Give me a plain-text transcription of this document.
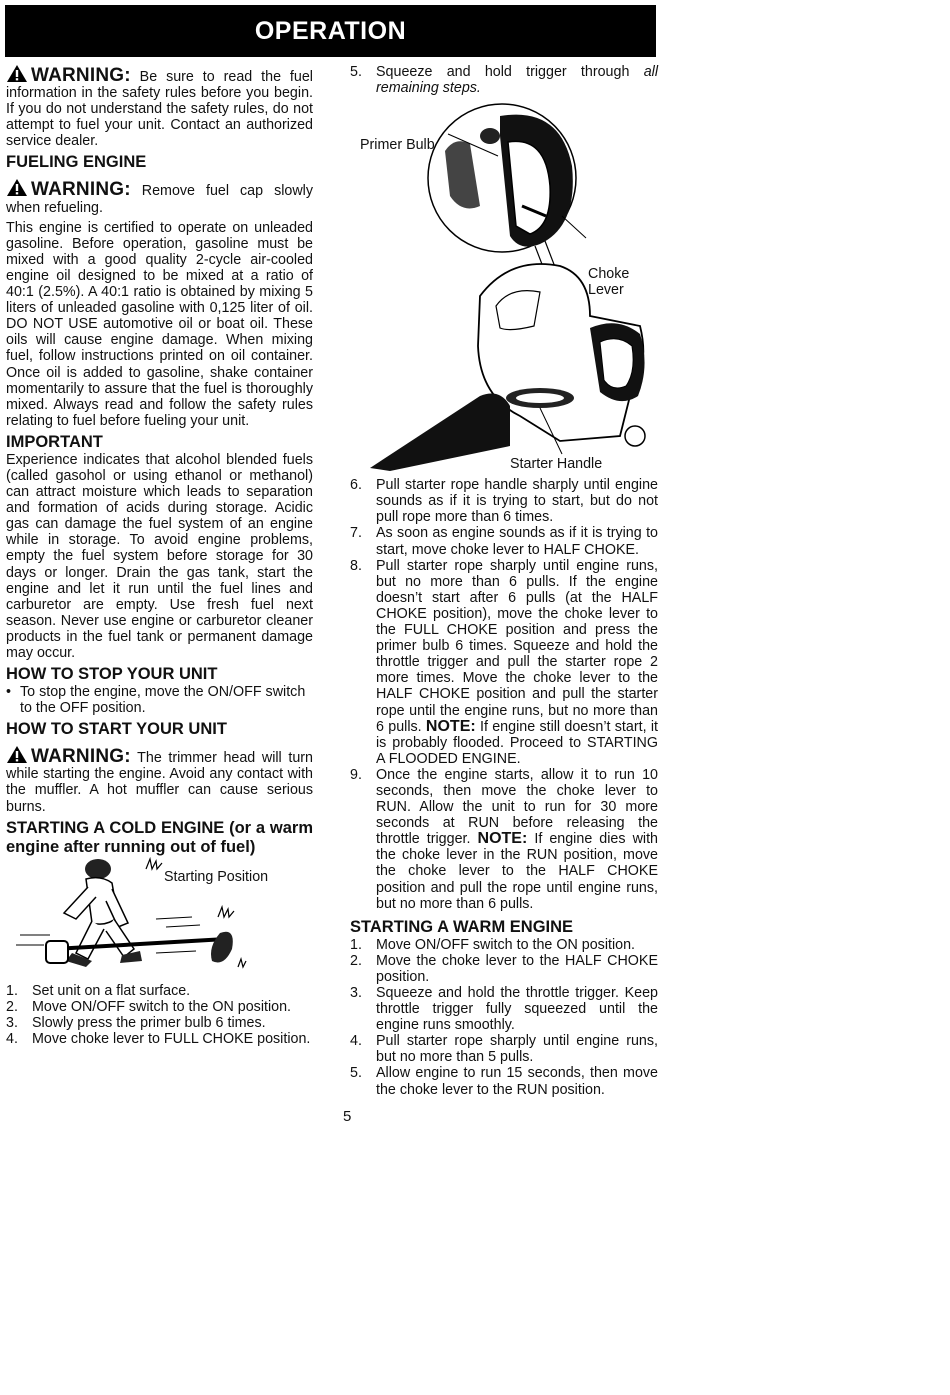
OPERATION

WARNING: Be sure to read the fuel information in the safety rules before you begin. If you do not understand the safety rules, do not attempt to fuel your unit. Contact an authorized service dealer.

FUELING ENGINE

WARNING: Remove fuel cap slowly when refueling.

This engine is certified to operate on unleaded gasoline. Before operation, gasoline must be mixed with a good quality 2-cycle air-cooled engine oil designed to be mixed at a ratio of 40:1 (2.5%). A 40:1 ratio is obtained by mixing 5 liters of unleaded gasoline with 0,125 liter of oil. DO NOT USE automotive oil or boat oil. These oils will cause engine damage. When mixing fuel, follow instructions printed on oil container. Once oil is added to gasoline, shake container momentarily to assure that the fuel is thoroughly mixed. Always read and follow the safety rules relating to fuel before fueling your unit.

IMPORTANT

Experience indicates that alcohol blended fuels (called gasohol or using ethanol or methanol) can attract moisture which leads to separation and formation of acids during storage. Acidic gas can damage the fuel system of an engine while in storage. To avoid engine problems, empty the fuel system before storage for 30 days or longer. Drain the gas tank, start the engine and let it run until the fuel lines and carburetor are empty. Use fresh fuel next season. Never use engine or carburetor cleaner products in the fuel tank or permanent damage may occur.

HOW TO STOP YOUR UNIT
• To stop the engine, move the ON/OFF switch to the OFF position.
HOW TO START YOUR UNIT

WARNING: The trimmer head will turn while starting the engine. Avoid any contact with the muffler. A hot muffler can cause serious burns.

STARTING A COLD ENGINE (or a warm engine after running out of fuel)
Starting Position
1. Set unit on a flat surface.
2. Move ON/OFF switch to the ON position.
3. Slowly press the primer bulb 6 times.
4. Move choke lever to FULL CHOKE position.
5. Squeeze and hold trigger through all remaining steps.
Primer Bulb
Choke Lever
Starter Handle
6. Pull starter rope handle sharply until engine sounds as if it is trying to start, but do not pull rope more than 6 times.
7. As soon as engine sounds as if it is trying to start, move choke lever to HALF CHOKE.
8. Pull starter rope sharply until engine runs, but no more than 6 pulls. If the engine doesn’t start after 6 pulls (at the HALF CHOKE position), move the choke lever to the FULL CHOKE position and press the primer bulb 6 times. Squeeze and hold the throttle trigger and pull the starter rope 2 more times. Move the choke lever to the HALF CHOKE position and pull the starter rope until the engine runs, but no more than 6 pulls. NOTE: If engine still doesn’t start, it is probably flooded. Proceed to STARTING A FLOODED ENGINE.
9. Once the engine starts, allow it to run 10 seconds, then move the choke lever to RUN. Allow the unit to run for 30 more seconds at RUN before releasing the throttle trigger. NOTE: If engine dies with the choke lever in the RUN position, move the choke lever to the HALF CHOKE position and pull the rope until engine runs, but no more than 6 pulls.
STARTING A WARM ENGINE
1. Move ON/OFF switch to the ON position.
2. Move the choke lever to the HALF CHOKE position.
3. Squeeze and hold the throttle trigger. Keep throttle trigger fully squeezed until the engine runs smoothly.
4. Pull starter rope sharply until engine runs, but no more than 5 pulls.
5. Allow engine to run 15 seconds, then move the choke lever to the RUN position.
5
